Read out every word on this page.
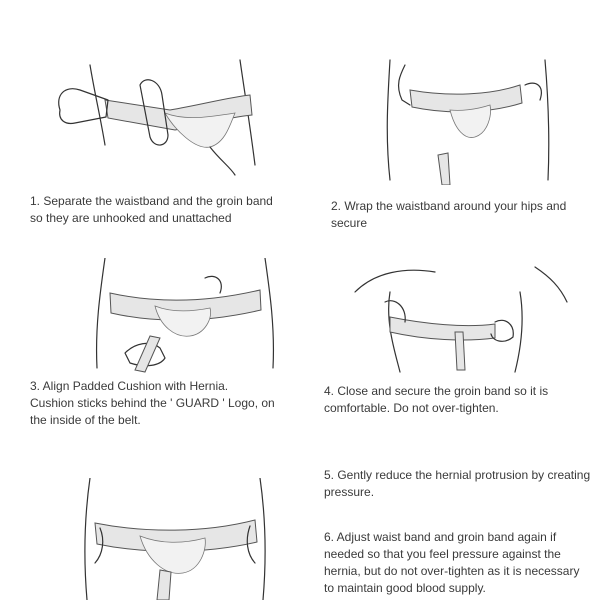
1. Separate the waistband and the groin band
so they are unhooked and unattached
2. Wrap the waistband around your hips and
secure
3. Align Padded Cushion with Hernia.
Cushion sticks behind the ' GUARD ' Logo, on
the inside of the belt.
4. Close and secure the groin band so it is
comfortable. Do not over-tighten.
5. Gently reduce the hernial protrusion by creating
pressure.
6. Adjust waist band and groin band again if
needed so that you feel pressure against the
hernia, but do not over-tighten as it is necessary
to maintain good blood supply.
